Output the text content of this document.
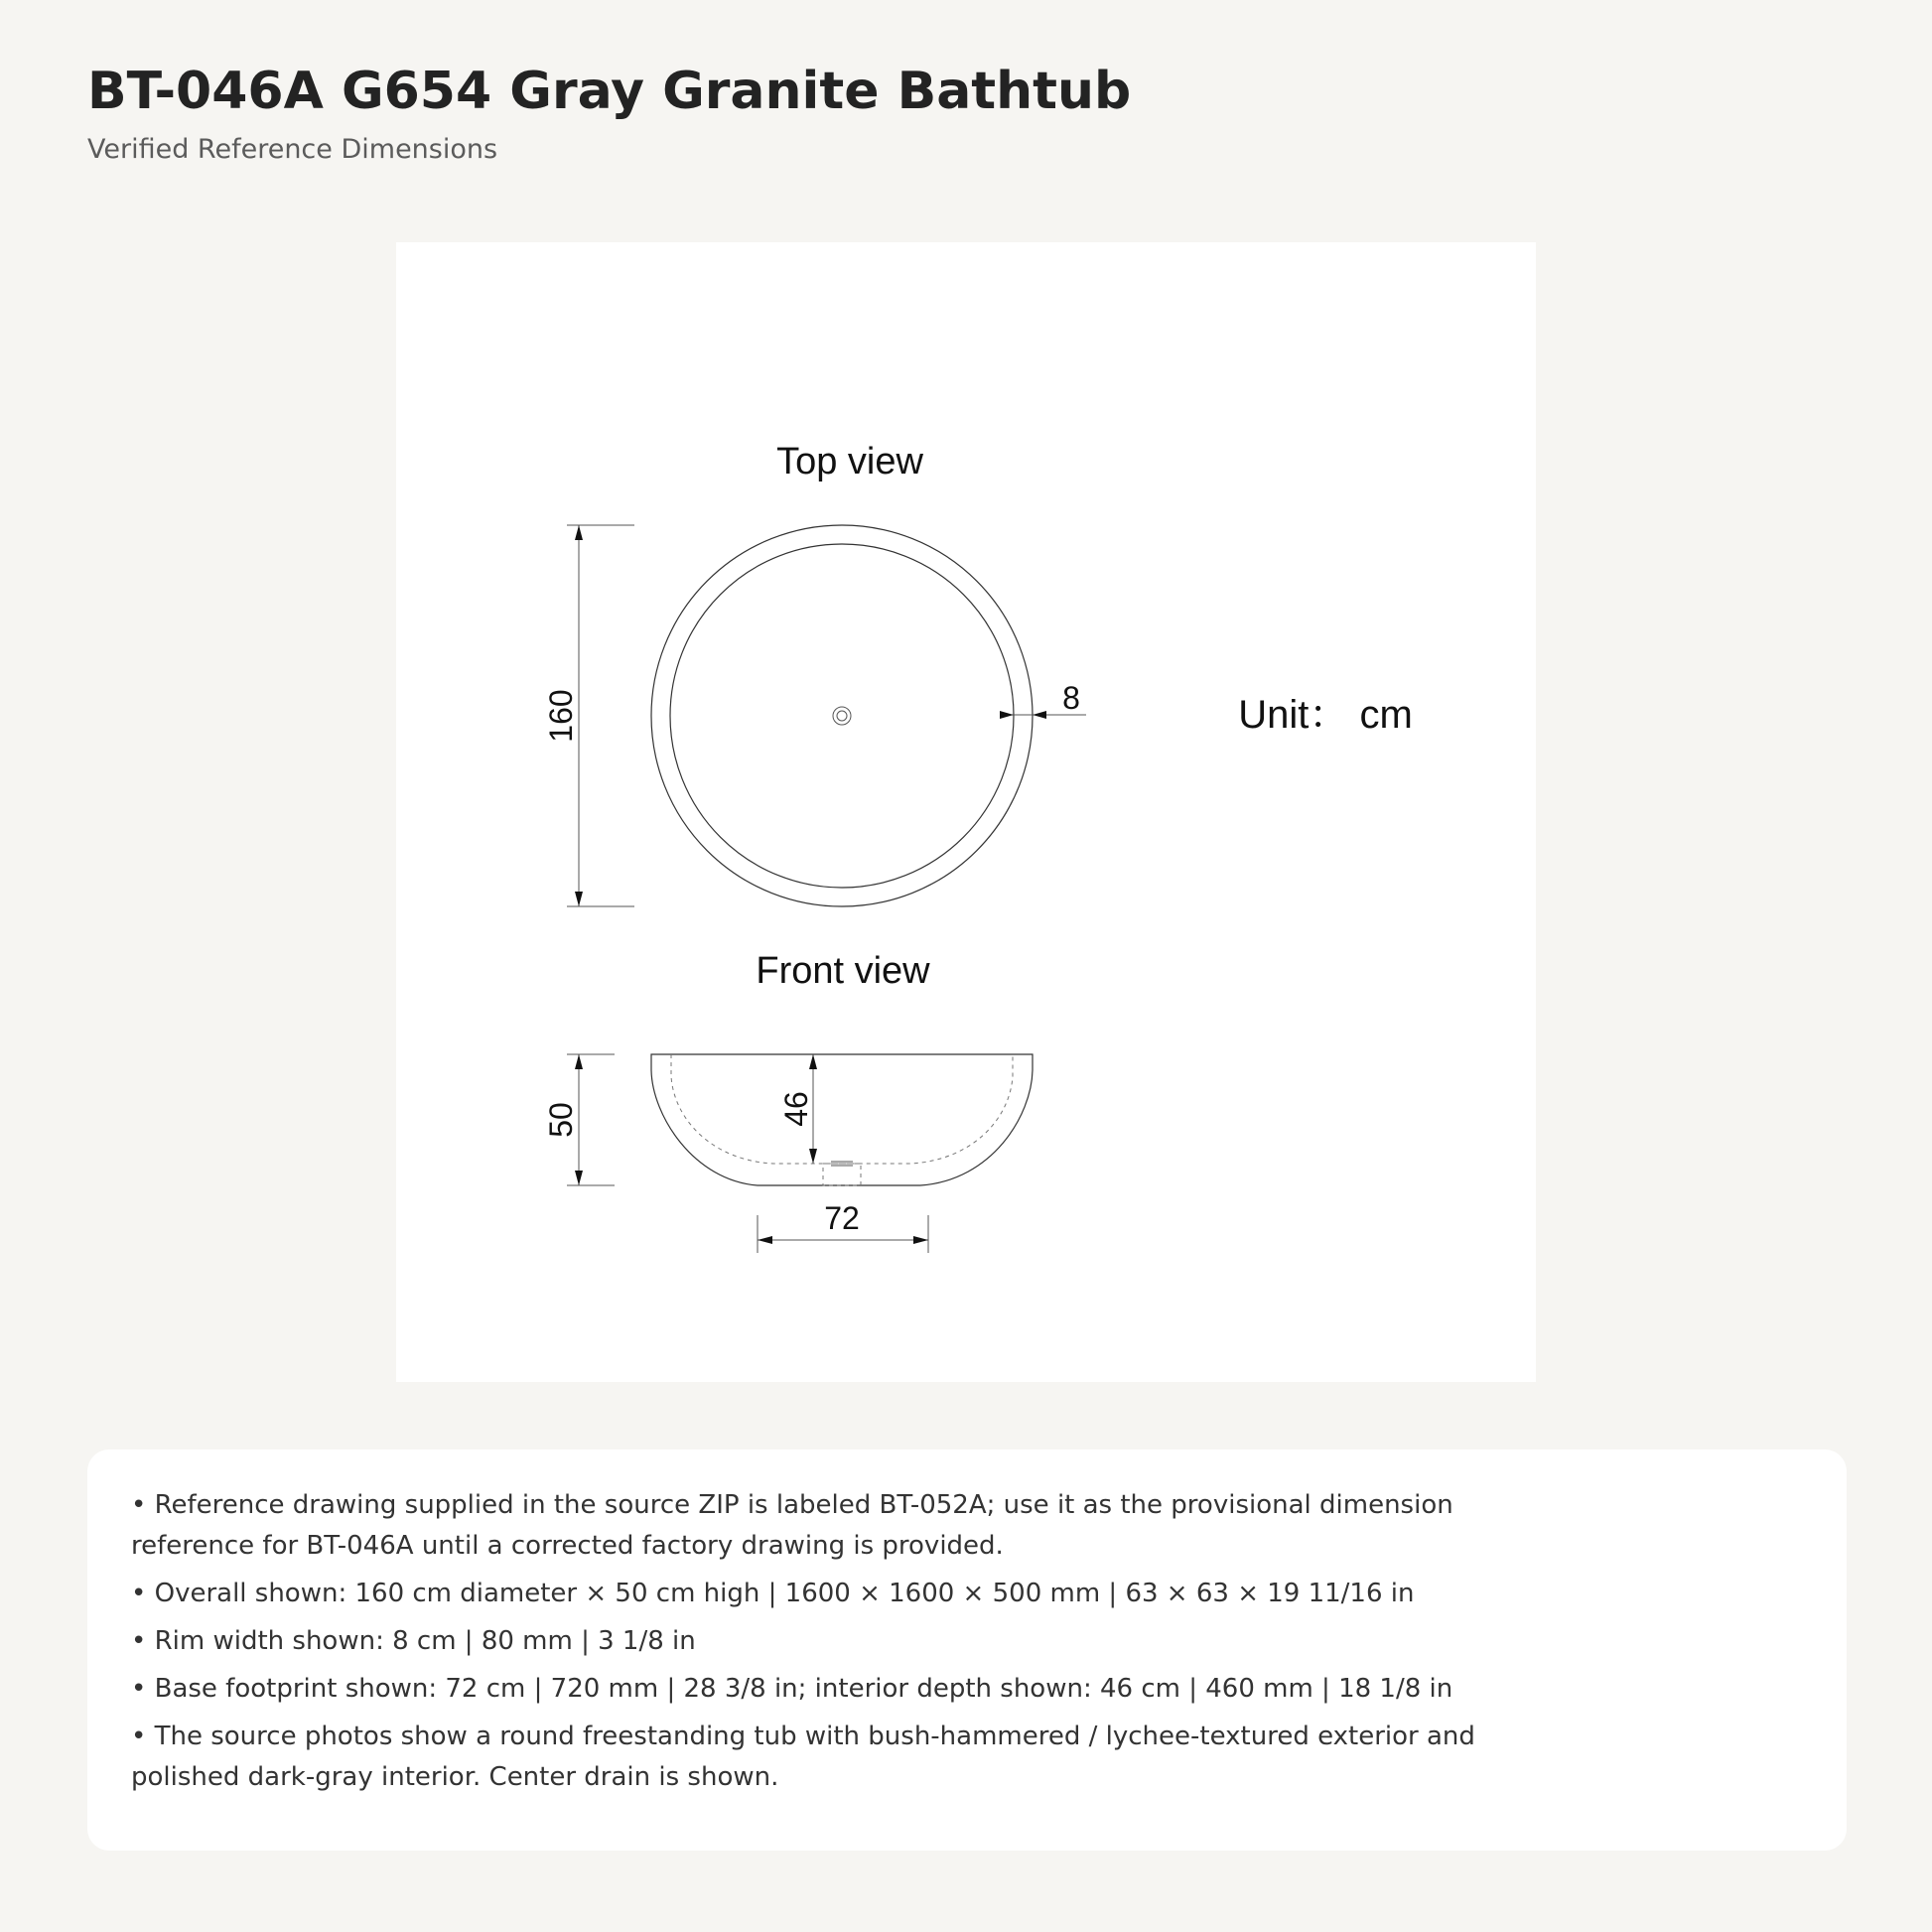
BT-046A G654 Gray Granite Bathtub

Verified Reference Dimensions

Top view
160	8	Unit： cm
Front view
50	46
72
• Reference drawing supplied in the source ZIP is labeled BT-052A; use it as the provisional dimension reference for BT-046A until a corrected factory drawing is provided.
• Overall shown: 160 cm diameter × 50 cm high | 1600 × 1600 × 500 mm | 63 × 63 × 19 11/16 in
• Rim width shown: 8 cm | 80 mm | 3 1/8 in
• Base footprint shown: 72 cm | 720 mm | 28 3/8 in; interior depth shown: 46 cm | 460 mm | 18 1/8 in
• The source photos show a round freestanding tub with bush-hammered / lychee-textured exterior and polished dark-gray interior. Center drain is shown.
